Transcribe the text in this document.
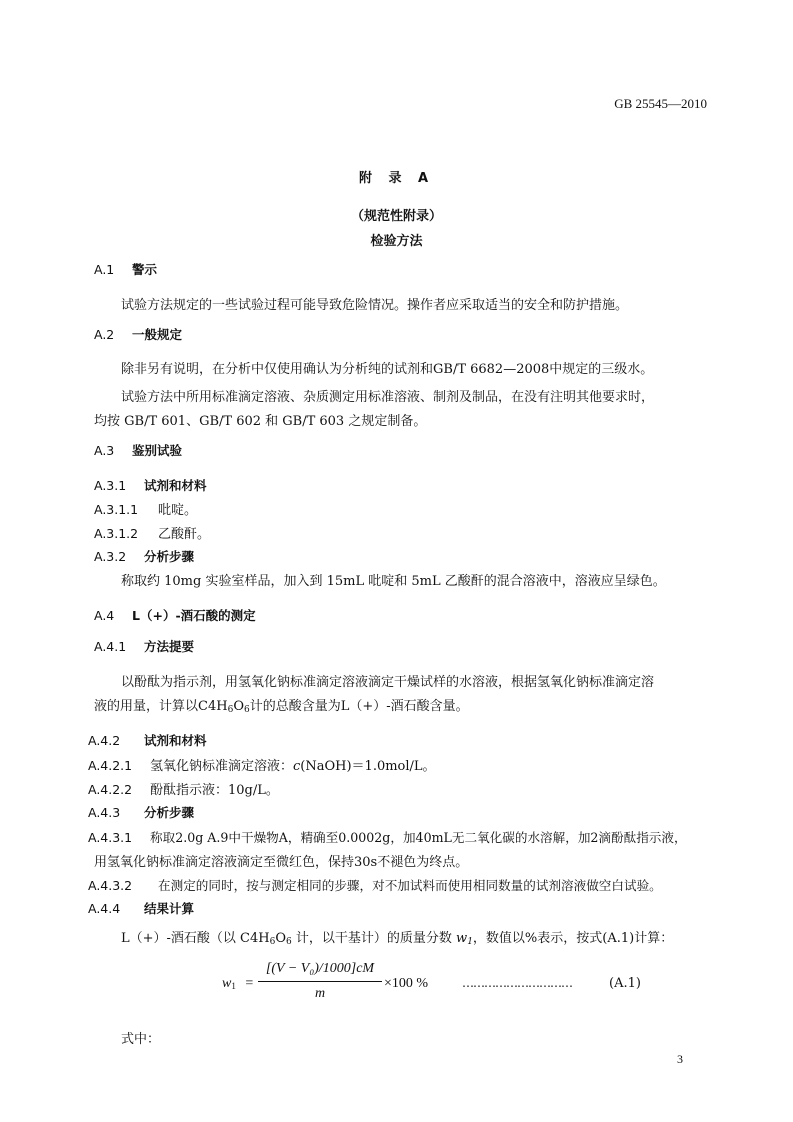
GB 25545—2010
附 录 A
（规范性附录）
检验方法
A.1 警示
试验方法规定的一些试验过程可能导致危险情况。操作者应采取适当的安全和防护措施。
A.2 一般规定
除非另有说明，在分析中仅使用确认为分析纯的试剂和GB/T 6682—2008中规定的三级水。
试验方法中所用标准滴定溶液、杂质测定用标准溶液、制剂及制品，在没有注明其他要求时，
均按 GB/T 601、GB/T 602 和 GB/T 603 之规定制备。
A.3 鉴别试验
A.3.1 试剂和材料
A.3.1.1 吡啶。
A.3.1.2 乙酸酐。
A.3.2 分析步骤
称取约 10mg 实验室样品，加入到 15mL 吡啶和 5mL 乙酸酐的混合溶液中，溶液应呈绿色。
A.4 L（+）-酒石酸的测定
A.4.1 方法提要
以酚酞为指示剂，用氢氧化钠标准滴定溶液滴定干燥试样的水溶液，根据氢氧化钠标准滴定溶
液的用量，计算以$C4H_6O_6$计的总酸含量为L（+）-酒石酸含量。
A.4.2 试剂和材料
A.4.2.1 氢氧化钠标准滴定溶液：c(NaOH)＝1.0mol/L。
A.4.2.2 酚酞指示液：10g/L。
A.4.3 分析步骤
A.4.3.1 称取2.0g A.9中干燥物A，精确至0.0002g，加40mL无二氧化碳的水溶解，加2滴酚酞指示液，
用氢氧化钠标准滴定溶液滴定至微红色，保持30s不褪色为终点。
A.4.3.2 在测定的同时，按与测定相同的步骤，对不加试料而使用相同数量的试剂溶液做空白试验。
A.4.4 结果计算
L（+）-酒石酸（以 $C4H_6O_6$ 计，以干基计）的质量分数 $w_1$，数值以%表示，按式(A.1)计算：
$w_1$ =
[(V − V₀)/1000]cM
m
×100 %	…………………………	(A.1)
式中：
3
